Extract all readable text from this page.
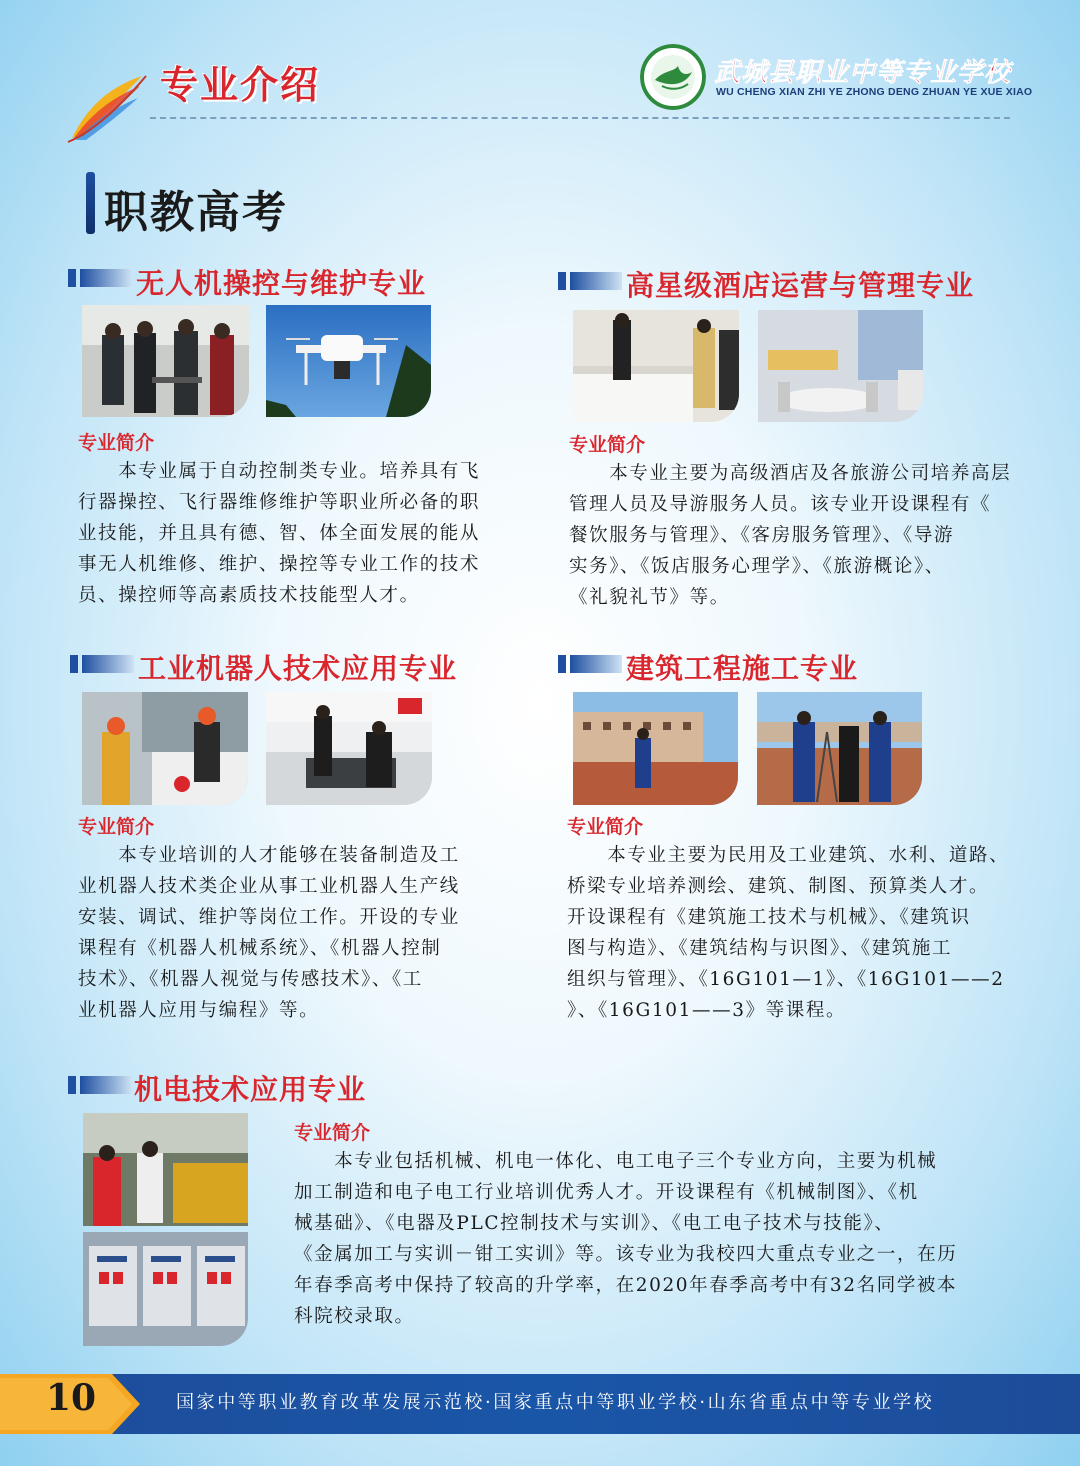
专业介绍	武城县职业中等专业学校
WU CHENG XIAN ZHI YE ZHONG DENG ZHUAN YE XUE XIAO
职教高考
无人机操控与维护专业
专业简介
　　本专业属于自动控制类专业。培养具有飞
行器操控、飞行器维修维护等职业所必备的职
业技能，并且具有德、智、体全面发展的能从
事无人机维修、维护、操控等专业工作的技术
员、操控师等高素质技术技能型人才。
高星级酒店运营与管理专业
专业简介
　　本专业主要为高级酒店及各旅游公司培养高层
管理人员及导游服务人员。该专业开设课程有《
餐饮服务与管理》、《客房服务管理》、《导游
实务》、《饭店服务心理学》、《旅游概论》、
《礼貌礼节》等。
工业机器人技术应用专业
专业简介
　　本专业培训的人才能够在装备制造及工
业机器人技术类企业从事工业机器人生产线
安装、调试、维护等岗位工作。开设的专业
课程有《机器人机械系统》、《机器人控制
技术》、《机器人视觉与传感技术》、《工
业机器人应用与编程》等。
建筑工程施工专业
专业简介
　　本专业主要为民用及工业建筑、水利、道路、
桥梁专业培养测绘、建筑、制图、预算类人才。
开设课程有《建筑施工技术与机械》、《建筑识
图与构造》、《建筑结构与识图》、《建筑施工
组织与管理》、《16G101—1》、《16G101——2
》、《16G101——3》等课程。
机电技术应用专业
专业简介
　　本专业包括机械、机电一体化、电工电子三个专业方向，主要为机械
加工制造和电子电工行业培训优秀人才。开设课程有《机械制图》、《机
械基础》、《电器及PLC控制技术与实训》、《电工电子技术与技能》、
《金属加工与实训－钳工实训》等。该专业为我校四大重点专业之一，在历
年春季高考中保持了较高的升学率，在2020年春季高考中有32名同学被本
科院校录取。
10	国家中等职业教育改革发展示范校·国家重点中等职业学校·山东省重点中等专业学校
